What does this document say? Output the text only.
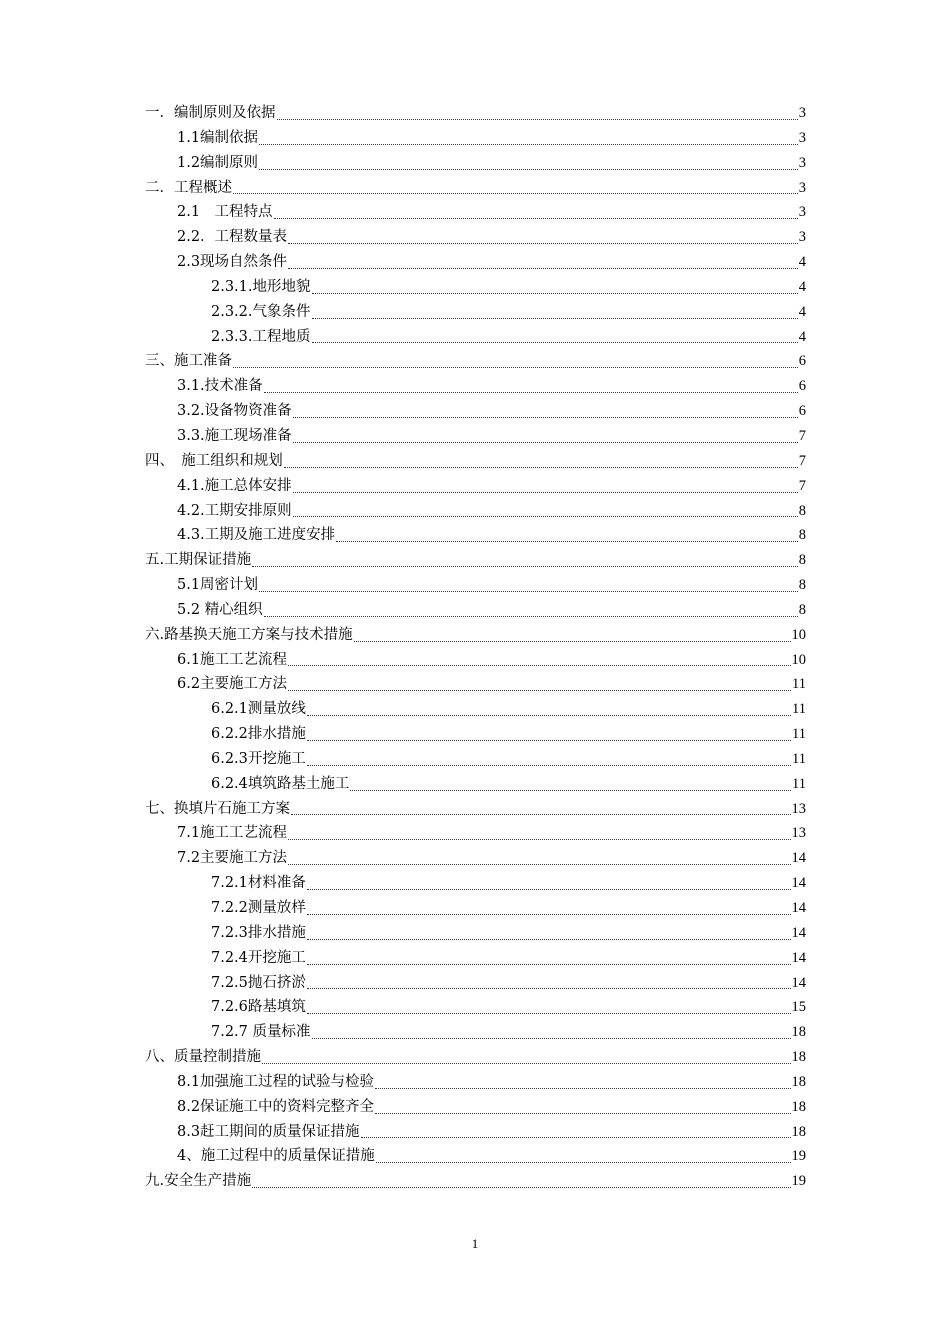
一．编制原则及依据	3
1.1编制依据	3
1.2编制原则	3
二．工程概述	3
2.1　工程特点	3
2.2．工程数量表	3
2.3现场自然条件	4
2.3.1.地形地貌	4
2.3.2.气象条件	4
2.3.3.工程地质	4
三、施工准备	6
3.1.技术准备	6
3.2.设备物资准备	6
3.3.施工现场准备	7
四、　施工组织和规划	7
4.1.施工总体安排	7
4.2.工期安排原则	8
4.3.工期及施工进度安排	8
五.工期保证措施	8
5.1周密计划	8
5.2 精心组织	8
六.路基换天施工方案与技术措施	10
6.1施工工艺流程	10
6.2主要施工方法	11
6.2.1测量放线	11
6.2.2排水措施	11
6.2.3开挖施工	11
6.2.4填筑路基土施工	11
七、换填片石施工方案	13
7.1施工工艺流程	13
7.2主要施工方法	14
7.2.1材料准备	14
7.2.2测量放样	14
7.2.3排水措施	14
7.2.4开挖施工	14
7.2.5抛石挤淤	14
7.2.6路基填筑	15
7.2.7 质量标准	18
八、质量控制措施	18
8.1加强施工过程的试验与检验	18
8.2保证施工中的资料完整齐全	18
8.3赶工期间的质量保证措施	18
4、施工过程中的质量保证措施	19
九.安全生产措施	19
1
